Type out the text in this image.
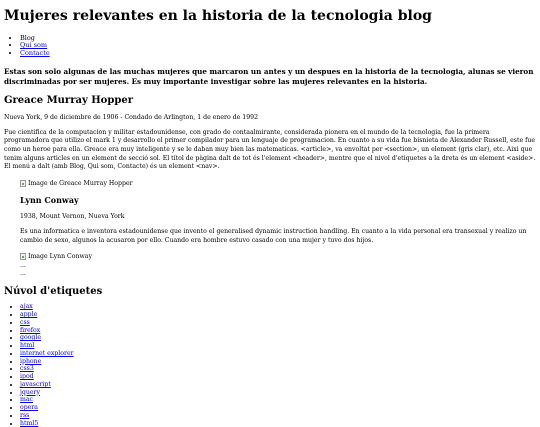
Mujeres relevantes en la historia de la tecnologia blog
• Blog
• Qui som
• Contacte

Estas son solo algunas de las muchas mujeres que marcaron un antes y un despues en la historia de la tecnologia, alunas se vieron discriminadas por ser mujeres. Es muy importante investigar sobre las mujeres relevantes en la historia.

Greace Murray Hopper

Nueva York, 9 de diciembre de 1906 - Condado de Arlington, 1 de enero de 1992

Fue cientifica de la computacion y militar estadounidense, con grado de contaalmirante, considerada pionera en el mundo de la tecnologia, fue la primera programadora que utilizo el mark 1 y desarrollo el primer compilador para un lenguaje de programacion. En cuanto a su vida fue bisnieta de Alexander Russell, este fue como un heroe para ella. Greace era muy inteligente y se le daban muy bien las matematicas. <article>, va envoltat per <section>, un element (gris clar), etc. Aixi que tenim alguns articles en un element de secció sol. El títol de pàgina dalt de tot és l'element <header>, mentre que el nivol d'etiquetes a la dreta és un element <aside>. El menú a dalt (amb Blog, Qui som, Contacte) és un element <nav>.

Image de Greace Murray Hopper
Lynn Conway

1938, Mount Vernon, Nueva York

Es una informatica e inventora estadounidense que invento el generalised dynamic instruction handling. En cuanto a la vida personal era transexual y realizo un cambio de sexo, algunos la acusaron por ello. Cuando era hombre estuvo casado con una mujer y tuvo dos hijos.

Image Lynn Conway
...
...
Núvol d'etiquetes
• ajax
• apple
• css
• firefox
• google
• html
• internet explorer
• iphone
• css3
• ipod
• javascript
• jquery
• mac
• opera
• rss
• html5
